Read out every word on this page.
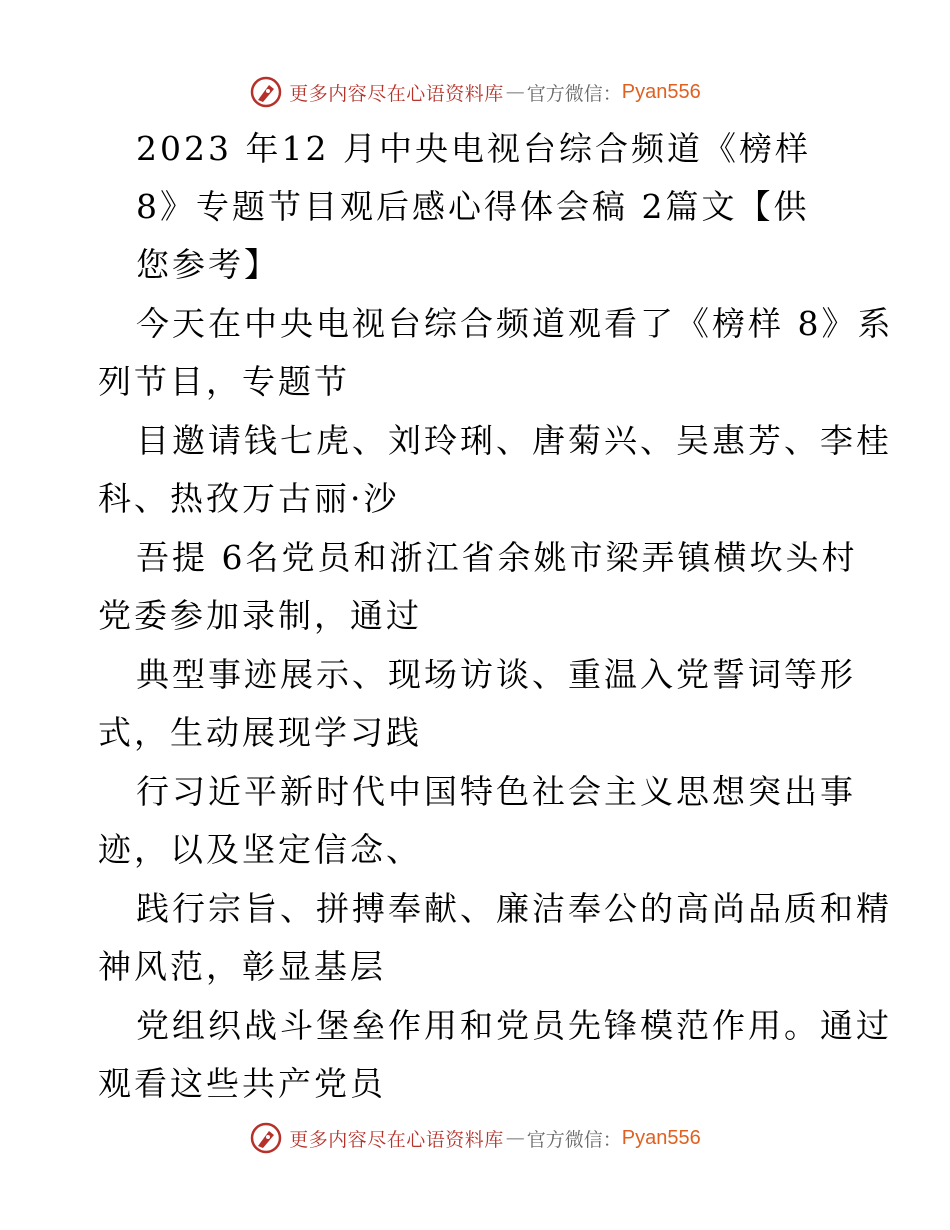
更多内容尽在心语资料库 — 官方微信： Pyan556
2023 年12 月中央电视台综合频道《榜样
8》专题节目观后感心得体会稿 2篇文【供
您参考】
今天在中央电视台综合频道观看了《榜样 8》系
列节目，专题节
目邀请钱七虎、刘玲琍、唐菊兴、吴惠芳、李桂
科、热孜万古丽·沙
吾提 6名党员和浙江省余姚市梁弄镇横坎头村
党委参加录制，通过
典型事迹展示、现场访谈、重温入党誓词等形
式，生动展现学习践
行习近平新时代中国特色社会主义思想突出事
迹，以及坚定信念、
践行宗旨、拼搏奉献、廉洁奉公的高尚品质和精
神风范，彰显基层
党组织战斗堡垒作用和党员先锋模范作用。通过
观看这些共产党员
更多内容尽在心语资料库 — 官方微信： Pyan556
